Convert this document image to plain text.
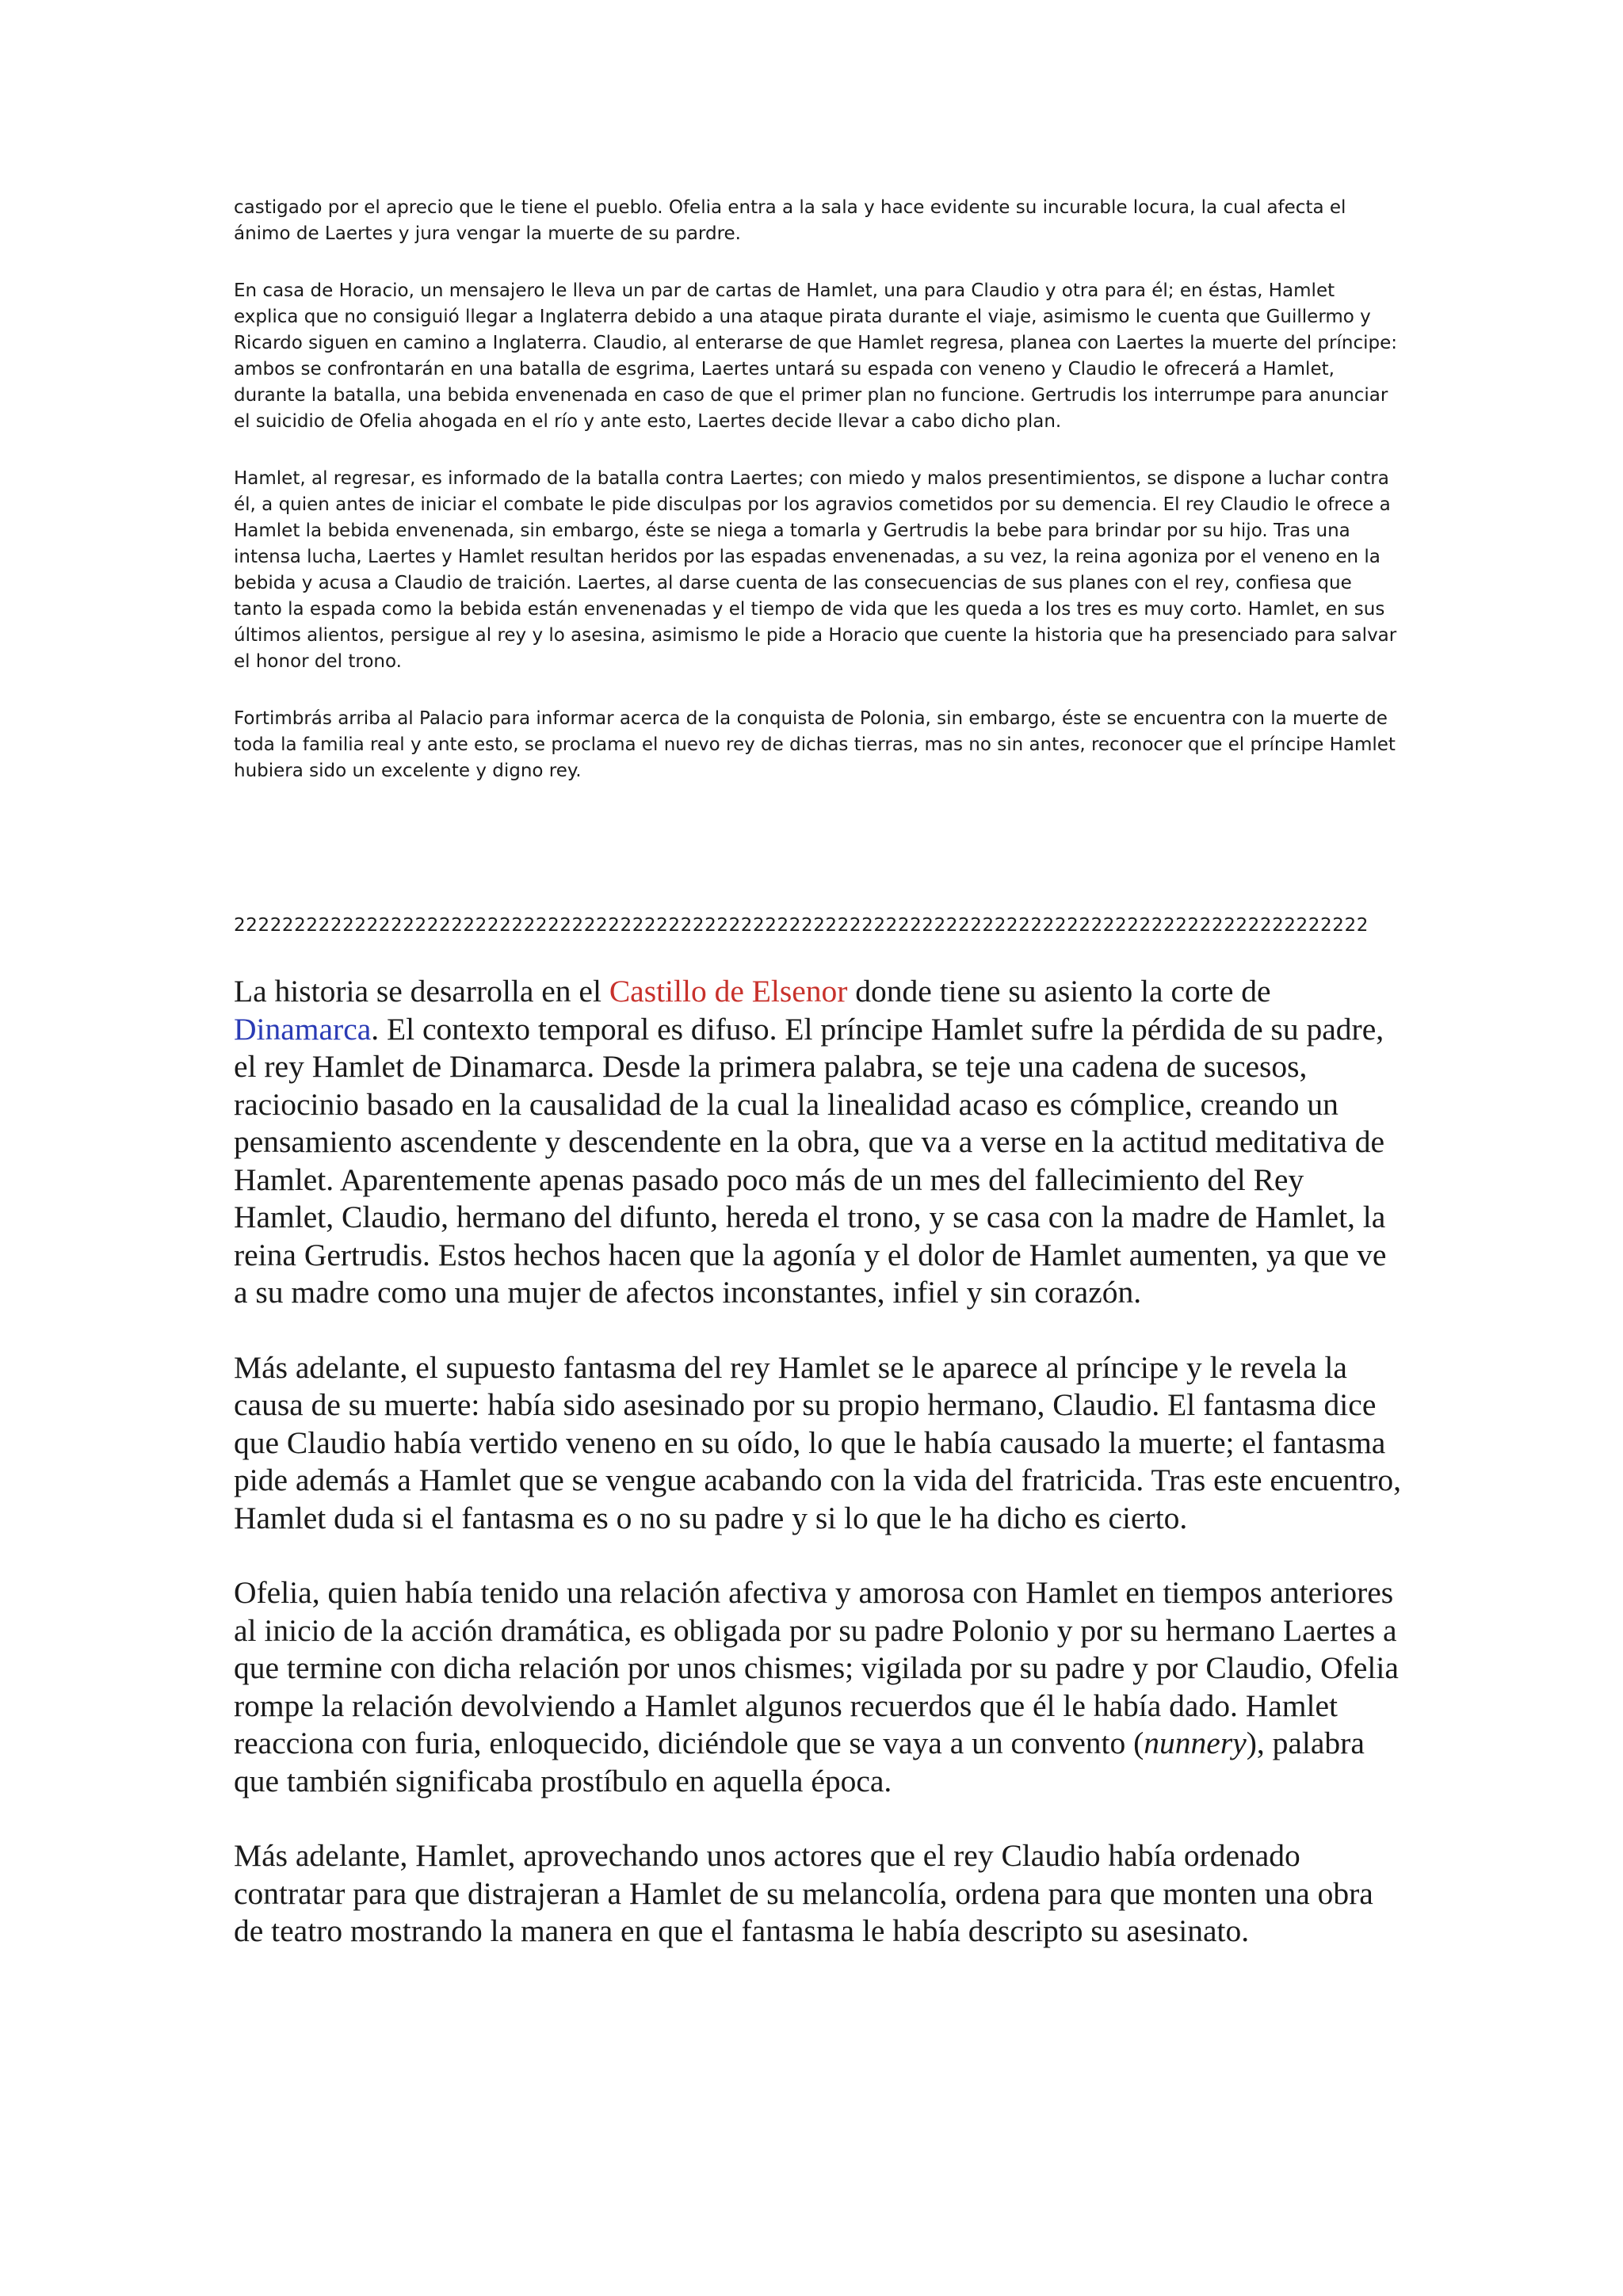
castigado por el aprecio que le tiene el pueblo. Ofelia entra a la sala y hace evidente su incurable locura, la cual afecta el ánimo de Laertes y jura vengar la muerte de su pardre.

En casa de Horacio, un mensajero le lleva un par de cartas de Hamlet, una para Claudio y otra para él; en éstas, Hamlet explica que no consiguió llegar a Inglaterra debido a una ataque pirata durante el viaje, asimismo le cuenta que Guillermo y Ricardo siguen en camino a Inglaterra. Claudio, al enterarse de que Hamlet regresa, planea con Laertes la muerte del príncipe: ambos se confrontarán en una batalla de esgrima, Laertes untará su espada con veneno y Claudio le ofrecerá a Hamlet, durante la batalla, una bebida envenenada en caso de que el primer plan no funcione. Gertrudis los interrumpe para anunciar el suicidio de Ofelia ahogada en el río y ante esto, Laertes decide llevar a cabo dicho plan.

Hamlet, al regresar, es informado de la batalla contra Laertes; con miedo y malos presentimientos, se dispone a luchar contra él, a quien antes de iniciar el combate le pide disculpas por los agravios cometidos por su demencia. El rey Claudio le ofrece a Hamlet la bebida envenenada, sin embargo, éste se niega a tomarla y Gertrudis la bebe para brindar por su hijo. Tras una intensa lucha, Laertes y Hamlet resultan heridos por las espadas envenenadas, a su vez, la reina agoniza por el veneno en la bebida y acusa a Claudio de traición. Laertes, al darse cuenta de las consecuencias de sus planes con el rey, confiesa que tanto la espada como la bebida están envenenadas y el tiempo de vida que les queda a los tres es muy corto. Hamlet, en sus últimos alientos, persigue al rey y lo asesina, asimismo le pide a Horacio que cuente la historia que ha presenciado para salvar el honor del trono.

Fortimbrás arriba al Palacio para informar acerca de la conquista de Polonia, sin embargo, éste se encuentra con la muerte de toda la familia real y ante esto, se proclama el nuevo rey de dichas tierras, mas no sin antes, reconocer que el príncipe Hamlet hubiera sido un excelente y digno rey.

2222222222222222222222222222222222222222222222222222222222222222222222222222222222222222222222

La historia se desarrolla en el Castillo de Elsenor donde tiene su asiento la corte de Dinamarca. El contexto temporal es difuso. El príncipe Hamlet sufre la pérdida de su padre, el rey Hamlet de Dinamarca. Desde la primera palabra, se teje una cadena de sucesos, raciocinio basado en la causalidad de la cual la linealidad acaso es cómplice, creando un pensamiento ascendente y descendente en la obra, que va a verse en la actitud meditativa de Hamlet. Aparentemente apenas pasado poco más de un mes del fallecimiento del Rey Hamlet, Claudio, hermano del difunto, hereda el trono, y se casa con la madre de Hamlet, la reina Gertrudis. Estos hechos hacen que la agonía y el dolor de Hamlet aumenten, ya que ve a su madre como una mujer de afectos inconstantes, infiel y sin corazón.

Más adelante, el supuesto fantasma del rey Hamlet se le aparece al príncipe y le revela la causa de su muerte: había sido asesinado por su propio hermano, Claudio. El fantasma dice que Claudio había vertido veneno en su oído, lo que le había causado la muerte; el fantasma pide además a Hamlet que se vengue acabando con la vida del fratricida. Tras este encuentro, Hamlet duda si el fantasma es o no su padre y si lo que le ha dicho es cierto.

Ofelia, quien había tenido una relación afectiva y amorosa con Hamlet en tiempos anteriores al inicio de la acción dramática, es obligada por su padre Polonio y por su hermano Laertes a que termine con dicha relación por unos chismes; vigilada por su padre y por Claudio, Ofelia rompe la relación devolviendo a Hamlet algunos recuerdos que él le había dado. Hamlet reacciona con furia, enloquecido, diciéndole que se vaya a un convento (nunnery), palabra que también significaba prostíbulo en aquella época.

Más adelante, Hamlet, aprovechando unos actores que el rey Claudio había ordenado contratar para que distrajeran a Hamlet de su melancolía, ordena para que monten una obra de teatro mostrando la manera en que el fantasma le había descripto su asesinato.
